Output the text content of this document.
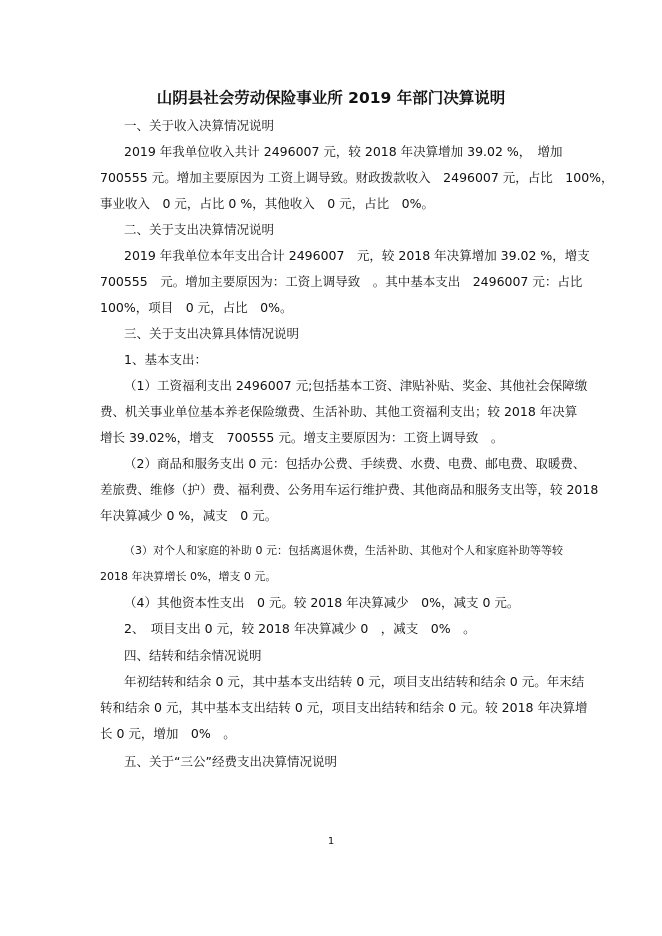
山阴县社会劳动保险事业所 2019 年部门决算说明
一、关于收入决算情况说明
2019 年我单位收入共计 2496007 元，较 2018 年决算增加 39.02 %，　增加
700555 元。增加主要原因为 工资上调导致。财政拨款收入　2496007 元，占比　100%，
事业收入　0 元，占比 0 %，其他收入　0 元，占比　0%。
二、关于支出决算情况说明
2019 年我单位本年支出合计 2496007　元，较 2018 年决算增加 39.02 %，增支
700555　元。增加主要原因为：工资上调导致　。其中基本支出　2496007 元：占比
100%，项目　0 元，占比　0%。
三、关于支出决算具体情况说明
1、基本支出：
（1）工资福利支出 2496007 元;包括基本工资、津贴补贴、奖金、其他社会保障缴
费、机关事业单位基本养老保险缴费、生活补助、其他工资福利支出；较 2018 年决算
增长 39.02%，增支　700555 元。增支主要原因为：工资上调导致　。
（2）商品和服务支出 0 元：包括办公费、手续费、水费、电费、邮电费、取暖费、
差旅费、维修（护）费、福利费、公务用车运行维护费、其他商品和服务支出等，较 2018
年决算减少 0 %，减支　0 元。
（3）对个人和家庭的补助 0 元：包括离退休费，生活补助、其他对个人和家庭补助等等较
2018 年决算增长 0%，增支 0 元。
（4）其他资本性支出　0 元。较 2018 年决算减少　0%，减支 0 元。
2、　项目支出 0 元，较 2018 年决算减少 0　，减支　0%　。
四、结转和结余情况说明
年初结转和结余 0 元，其中基本支出结转 0 元，项目支出结转和结余 0 元。年末结
转和结余 0 元，其中基本支出结转 0 元，项目支出结转和结余 0 元。较 2018 年决算增
长 0 元，增加　0%　。
五、关于“三公”经费支出决算情况说明
1
